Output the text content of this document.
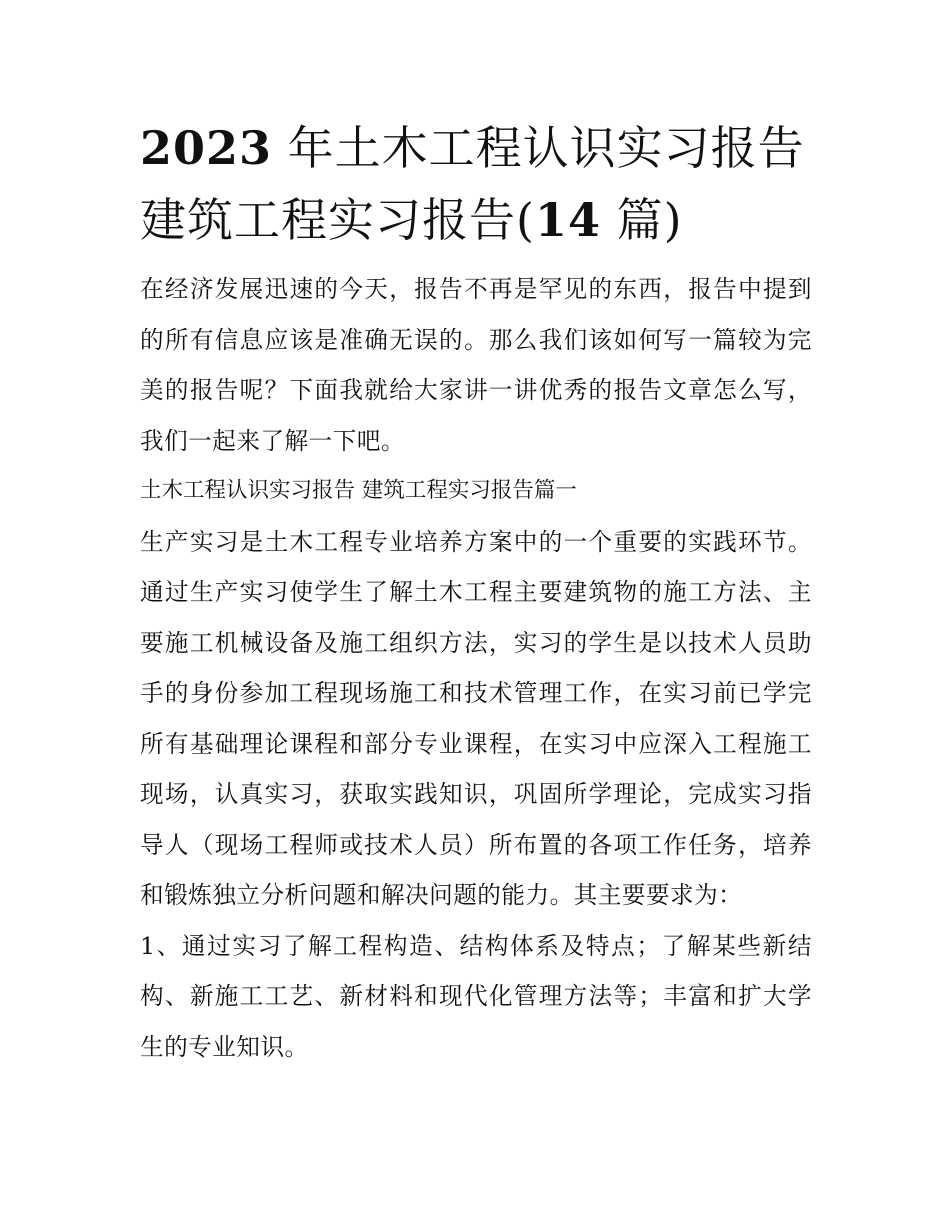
2023 年土木工程认识实习报告
建筑工程实习报告(14 篇)

在经济发展迅速的今天，报告不再是罕见的东西，报告中提到的所有信息应该是准确无误的。那么我们该如何写一篇较为完美的报告呢？下面我就给大家讲一讲优秀的报告文章怎么写，我们一起来了解一下吧。

土木工程认识实习报告 建筑工程实习报告篇一

生产实习是土木工程专业培养方案中的一个重要的实践环节。通过生产实习使学生了解土木工程主要建筑物的施工方法、主要施工机械设备及施工组织方法，实习的学生是以技术人员助手的身份参加工程现场施工和技术管理工作，在实习前已学完所有基础理论课程和部分专业课程，在实习中应深入工程施工现场，认真实习，获取实践知识，巩固所学理论，完成实习指导人（现场工程师或技术人员）所布置的各项工作任务，培养和锻炼独立分析问题和解决问题的能力。其主要要求为：

1、通过实习了解工程构造、结构体系及特点；了解某些新结构、新施工工艺、新材料和现代化管理方法等；丰富和扩大学生的专业知识。
